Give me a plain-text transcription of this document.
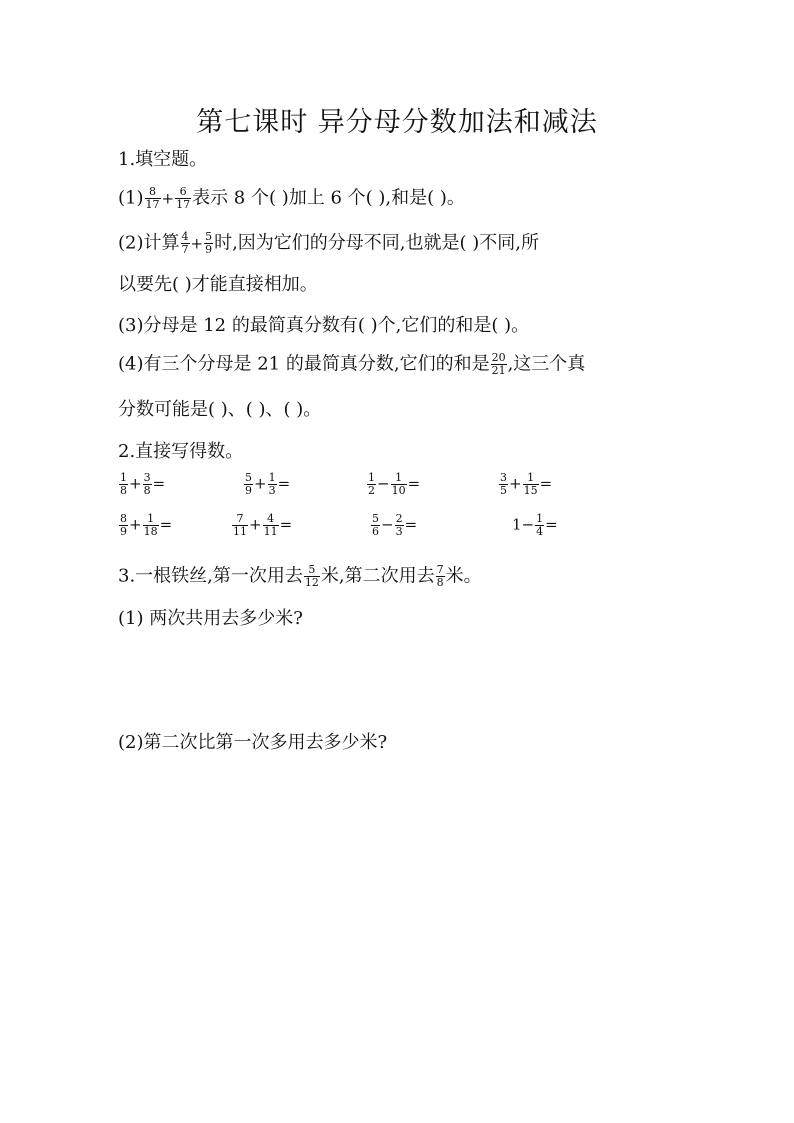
第七课时 异分母分数加法和减法
1.填空题。
$(1) \frac{8}{17} + \frac{6}{17}$ 表示 8 个( )加上 6 个( ),和是( )。
(2)计算 $\frac{4}{7} + \frac{5}{9}$ 时,因为它们的分母不同,也就是( )不同,所
以要先( )才能直接相加。
(3)分母是 12 的最简真分数有( )个,它们的和是( )。
(4)有三个分母是 21 的最简真分数,它们的和是 $\frac{20}{21}$ ,这三个真
分数可能是( )、( )、( )。
2.直接写得数。
$\frac{1}{8} + \frac{3}{8}$ =	$\frac{5}{9} + \frac{1}{3}$ =	$\frac{1}{2} - \frac{1}{10}$ =	$\frac{3}{5} + \frac{1}{15}$ =
$\frac{8}{9} + \frac{1}{18}$ =	$\frac{7}{11} + \frac{4}{11}$ =	$\frac{5}{6} - \frac{2}{3}$ =	$1- \frac{1}{4}$ =
3.一根铁丝,第一次用去 $\frac{5}{12}$ 米,第二次用去 $\frac{7}{8}$ 米。
(1) 两次共用去多少米?
(2)第二次比第一次多用去多少米?
